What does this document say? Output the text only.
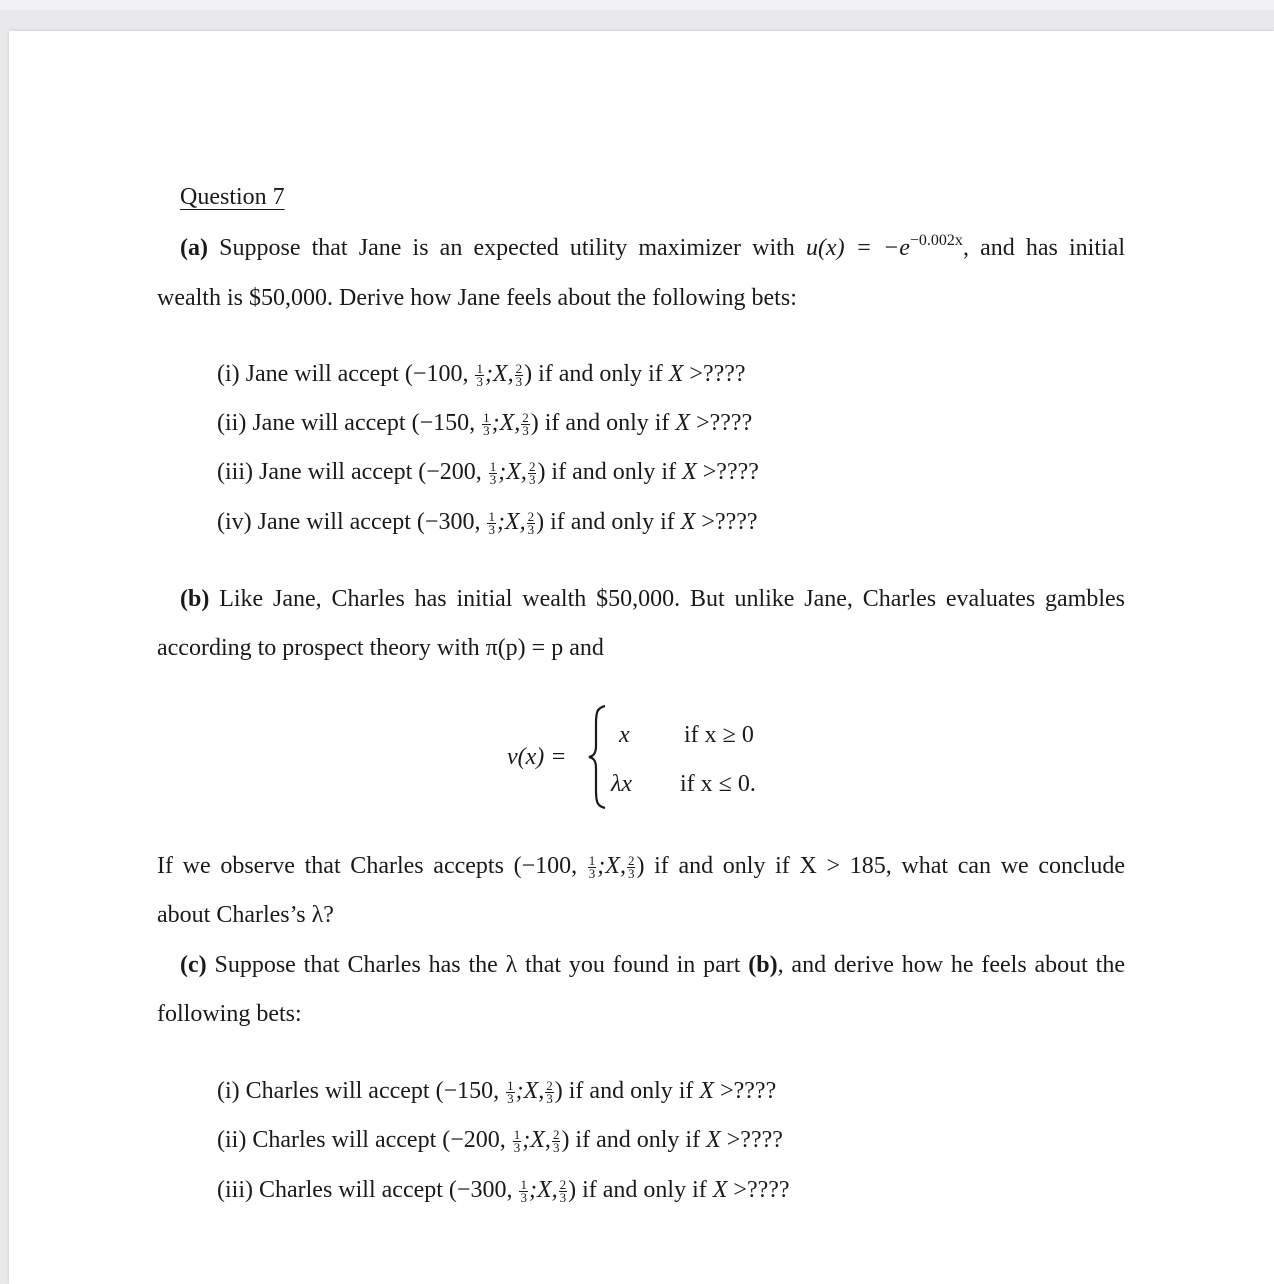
Question 7
(a) Suppose that Jane is an expected utility maximizer with $u(x) = -e^{-0.002x}$, and has initial
wealth is $50,000. Derive how Jane feels about the following bets:
(i) Jane will accept (−100, $\frac{1}{3}$ ;X, $\frac{2}{3}$ ) if and only if X >????
(ii) Jane will accept (−150, $\frac{1}{3}$ ;X, $\frac{2}{3}$ ) if and only if X >????
(iii) Jane will accept (−200, $\frac{1}{3}$ ;X, $\frac{2}{3}$ ) if and only if X >????
(iv) Jane will accept (−300, $\frac{1}{3}$ ;X, $\frac{2}{3}$ ) if and only if X >????
(b) Like Jane, Charles has initial wealth $50,000. But unlike Jane, Charles evaluates gambles
according to prospect theory with π(p) = p and
v(x) =
x if x ≥ 0
λx if x ≤ 0.
If we observe that Charles accepts (−100, $\frac{1}{3}$ ;X, $\frac{2}{3}$ ) if and only if X > 185, what can we conclude
about Charles’s λ?
(c) Suppose that Charles has the λ that you found in part (b), and derive how he feels about the
following bets:
(i) Charles will accept (−150, $\frac{1}{3}$ ;X, $\frac{2}{3}$ ) if and only if X >????
(ii) Charles will accept (−200, $\frac{1}{3}$ ;X, $\frac{2}{3}$ ) if and only if X >????
(iii) Charles will accept (−300, $\frac{1}{3}$ ;X, $\frac{2}{3}$ ) if and only if X >????
